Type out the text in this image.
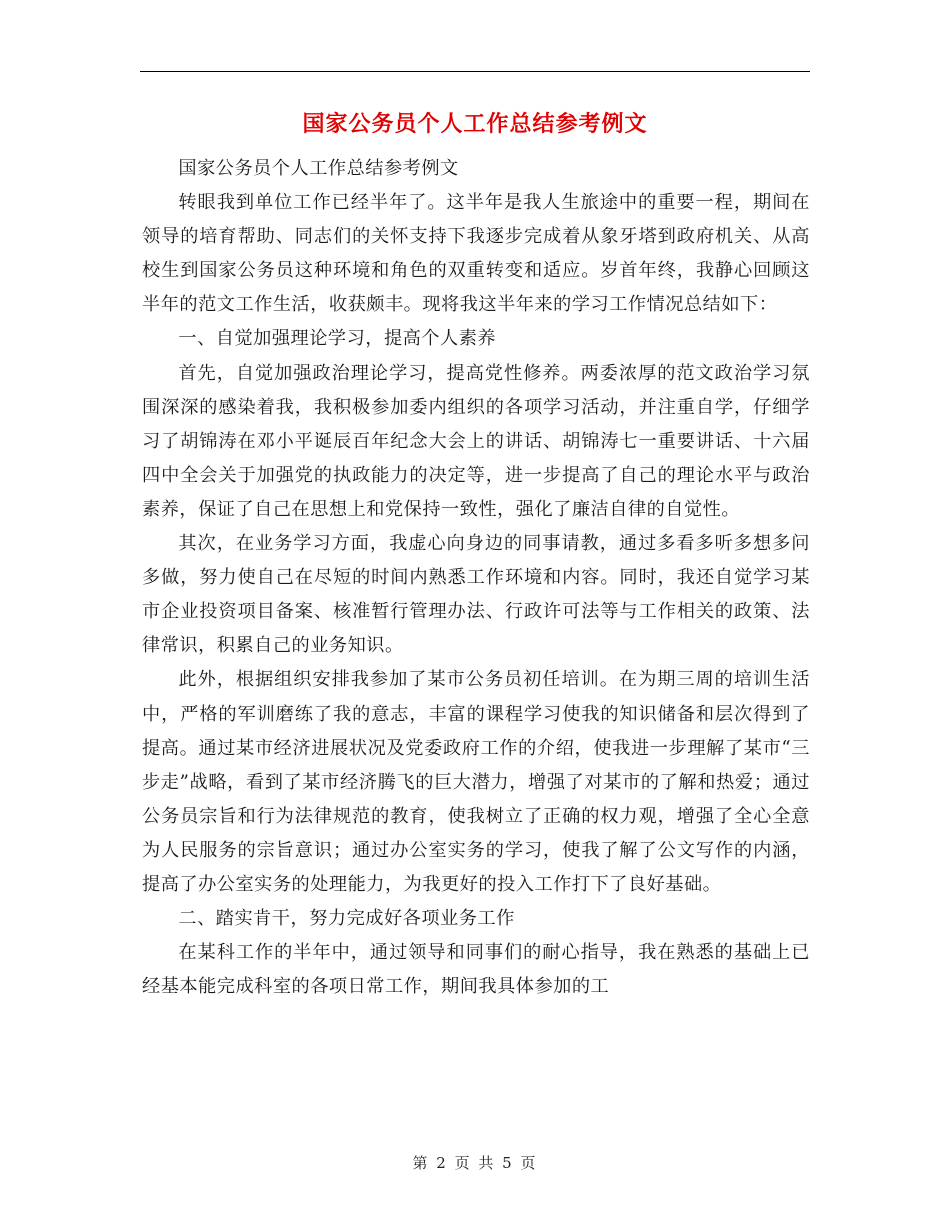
国家公务员个人工作总结参考例文

国家公务员个人工作总结参考例文

转眼我到单位工作已经半年了。这半年是我人生旅途中的重要一程，期间在领导的培育帮助、同志们的关怀支持下我逐步完成着从象牙塔到政府机关、从高校生到国家公务员这种环境和角色的双重转变和适应。岁首年终，我静心回顾这半年的范文工作生活，收获颇丰。现将我这半年来的学习工作情况总结如下：

一、自觉加强理论学习，提高个人素养

首先，自觉加强政治理论学习，提高党性修养。两委浓厚的范文政治学习氛围深深的感染着我，我积极参加委内组织的各项学习活动，并注重自学，仔细学习了胡锦涛在邓小平诞辰百年纪念大会上的讲话、胡锦涛七一重要讲话、十六届四中全会关于加强党的执政能力的决定等，进一步提高了自己的理论水平与政治素养，保证了自己在思想上和党保持一致性，强化了廉洁自律的自觉性。

其次，在业务学习方面，我虚心向身边的同事请教，通过多看多听多想多问多做，努力使自己在尽短的时间内熟悉工作环境和内容。同时，我还自觉学习某市企业投资项目备案、核准暂行管理办法、行政许可法等与工作相关的政策、法律常识，积累自己的业务知识。

此外，根据组织安排我参加了某市公务员初任培训。在为期三周的培训生活中，严格的军训磨练了我的意志，丰富的课程学习使我的知识储备和层次得到了提高。通过某市经济进展状况及党委政府工作的介绍，使我进一步理解了某市“三步走”战略，看到了某市经济腾飞的巨大潜力，增强了对某市的了解和热爱；通过公务员宗旨和行为法律规范的教育，使我树立了正确的权力观，增强了全心全意为人民服务的宗旨意识；通过办公室实务的学习，使我了解了公文写作的内涵，提高了办公室实务的处理能力，为我更好的投入工作打下了良好基础。

二、踏实肯干，努力完成好各项业务工作

在某科工作的半年中，通过领导和同事们的耐心指导，我在熟悉的基础上已经基本能完成科室的各项日常工作，期间我具体参加的工

第 2 页 共 5 页
